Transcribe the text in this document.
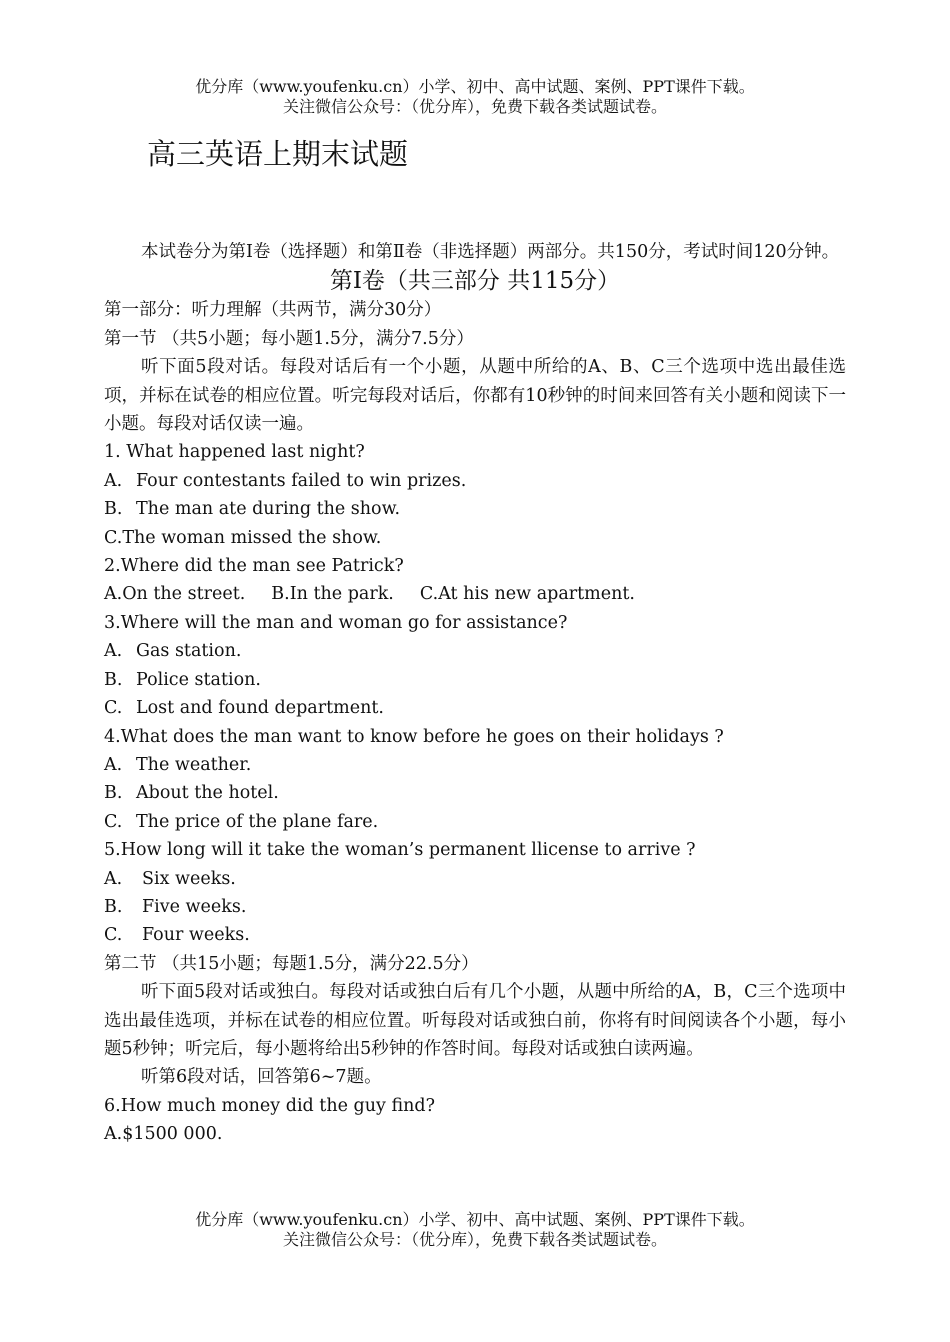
优分库（www.youfenku.cn）小学、初中、高中试题、案例、PPT课件下载。
关注微信公众号：（优分库），免费下载各类试题试卷。
高三英语上期末试题

本试卷分为第Ⅰ卷（选择题）和第Ⅱ卷（非选择题）两部分。共150分，考试时间120分钟。

第I卷（共三部分 共115分）

第一部分：听力理解（共两节，满分30分）

第一节 （共5小题；每小题1.5分，满分7.5分）

听下面5段对话。每段对话后有一个小题，从题中所给的A、B、C三个选项中选出最佳选项，并标在试卷的相应位置。听完每段对话后，你都有10秒钟的时间来回答有关小题和阅读下一小题。每段对话仅读一遍。

1. What happened last night?

A. Four contestants failed to win prizes.

B. The man ate during the show.

C.The woman missed the show.

2.Where did the man see Patrick?

A.On the street. B.In the park. C.At his new apartment.

3.Where will the man and woman go for assistance?

A. Gas station.

B. Police station.

C. Lost and found department.

4.What does the man want to know before he goes on their holidays ?

A. The weather.

B. About the hotel.

C. The price of the plane fare.

5.How long will it take the woman’s permanent llicense to arrive ?

A.	Six weeks.

B.	Five weeks.

C.	Four weeks.

第二节 （共15小题；每题1.5分，满分22.5分）

听下面5段对话或独白。每段对话或独白后有几个小题，从题中所给的A，B，C三个选项中选出最佳选项，并标在试卷的相应位置。听每段对话或独白前，你将有时间阅读各个小题，每小题5秒钟；听完后，每小题将给出5秒钟的作答时间。每段对话或独白读两遍。

听第6段对话，回答第6~7题。

6.How much money did the guy find?

A.$1500 000.

优分库（www.youfenku.cn）小学、初中、高中试题、案例、PPT课件下载。
关注微信公众号：（优分库），免费下载各类试题试卷。
